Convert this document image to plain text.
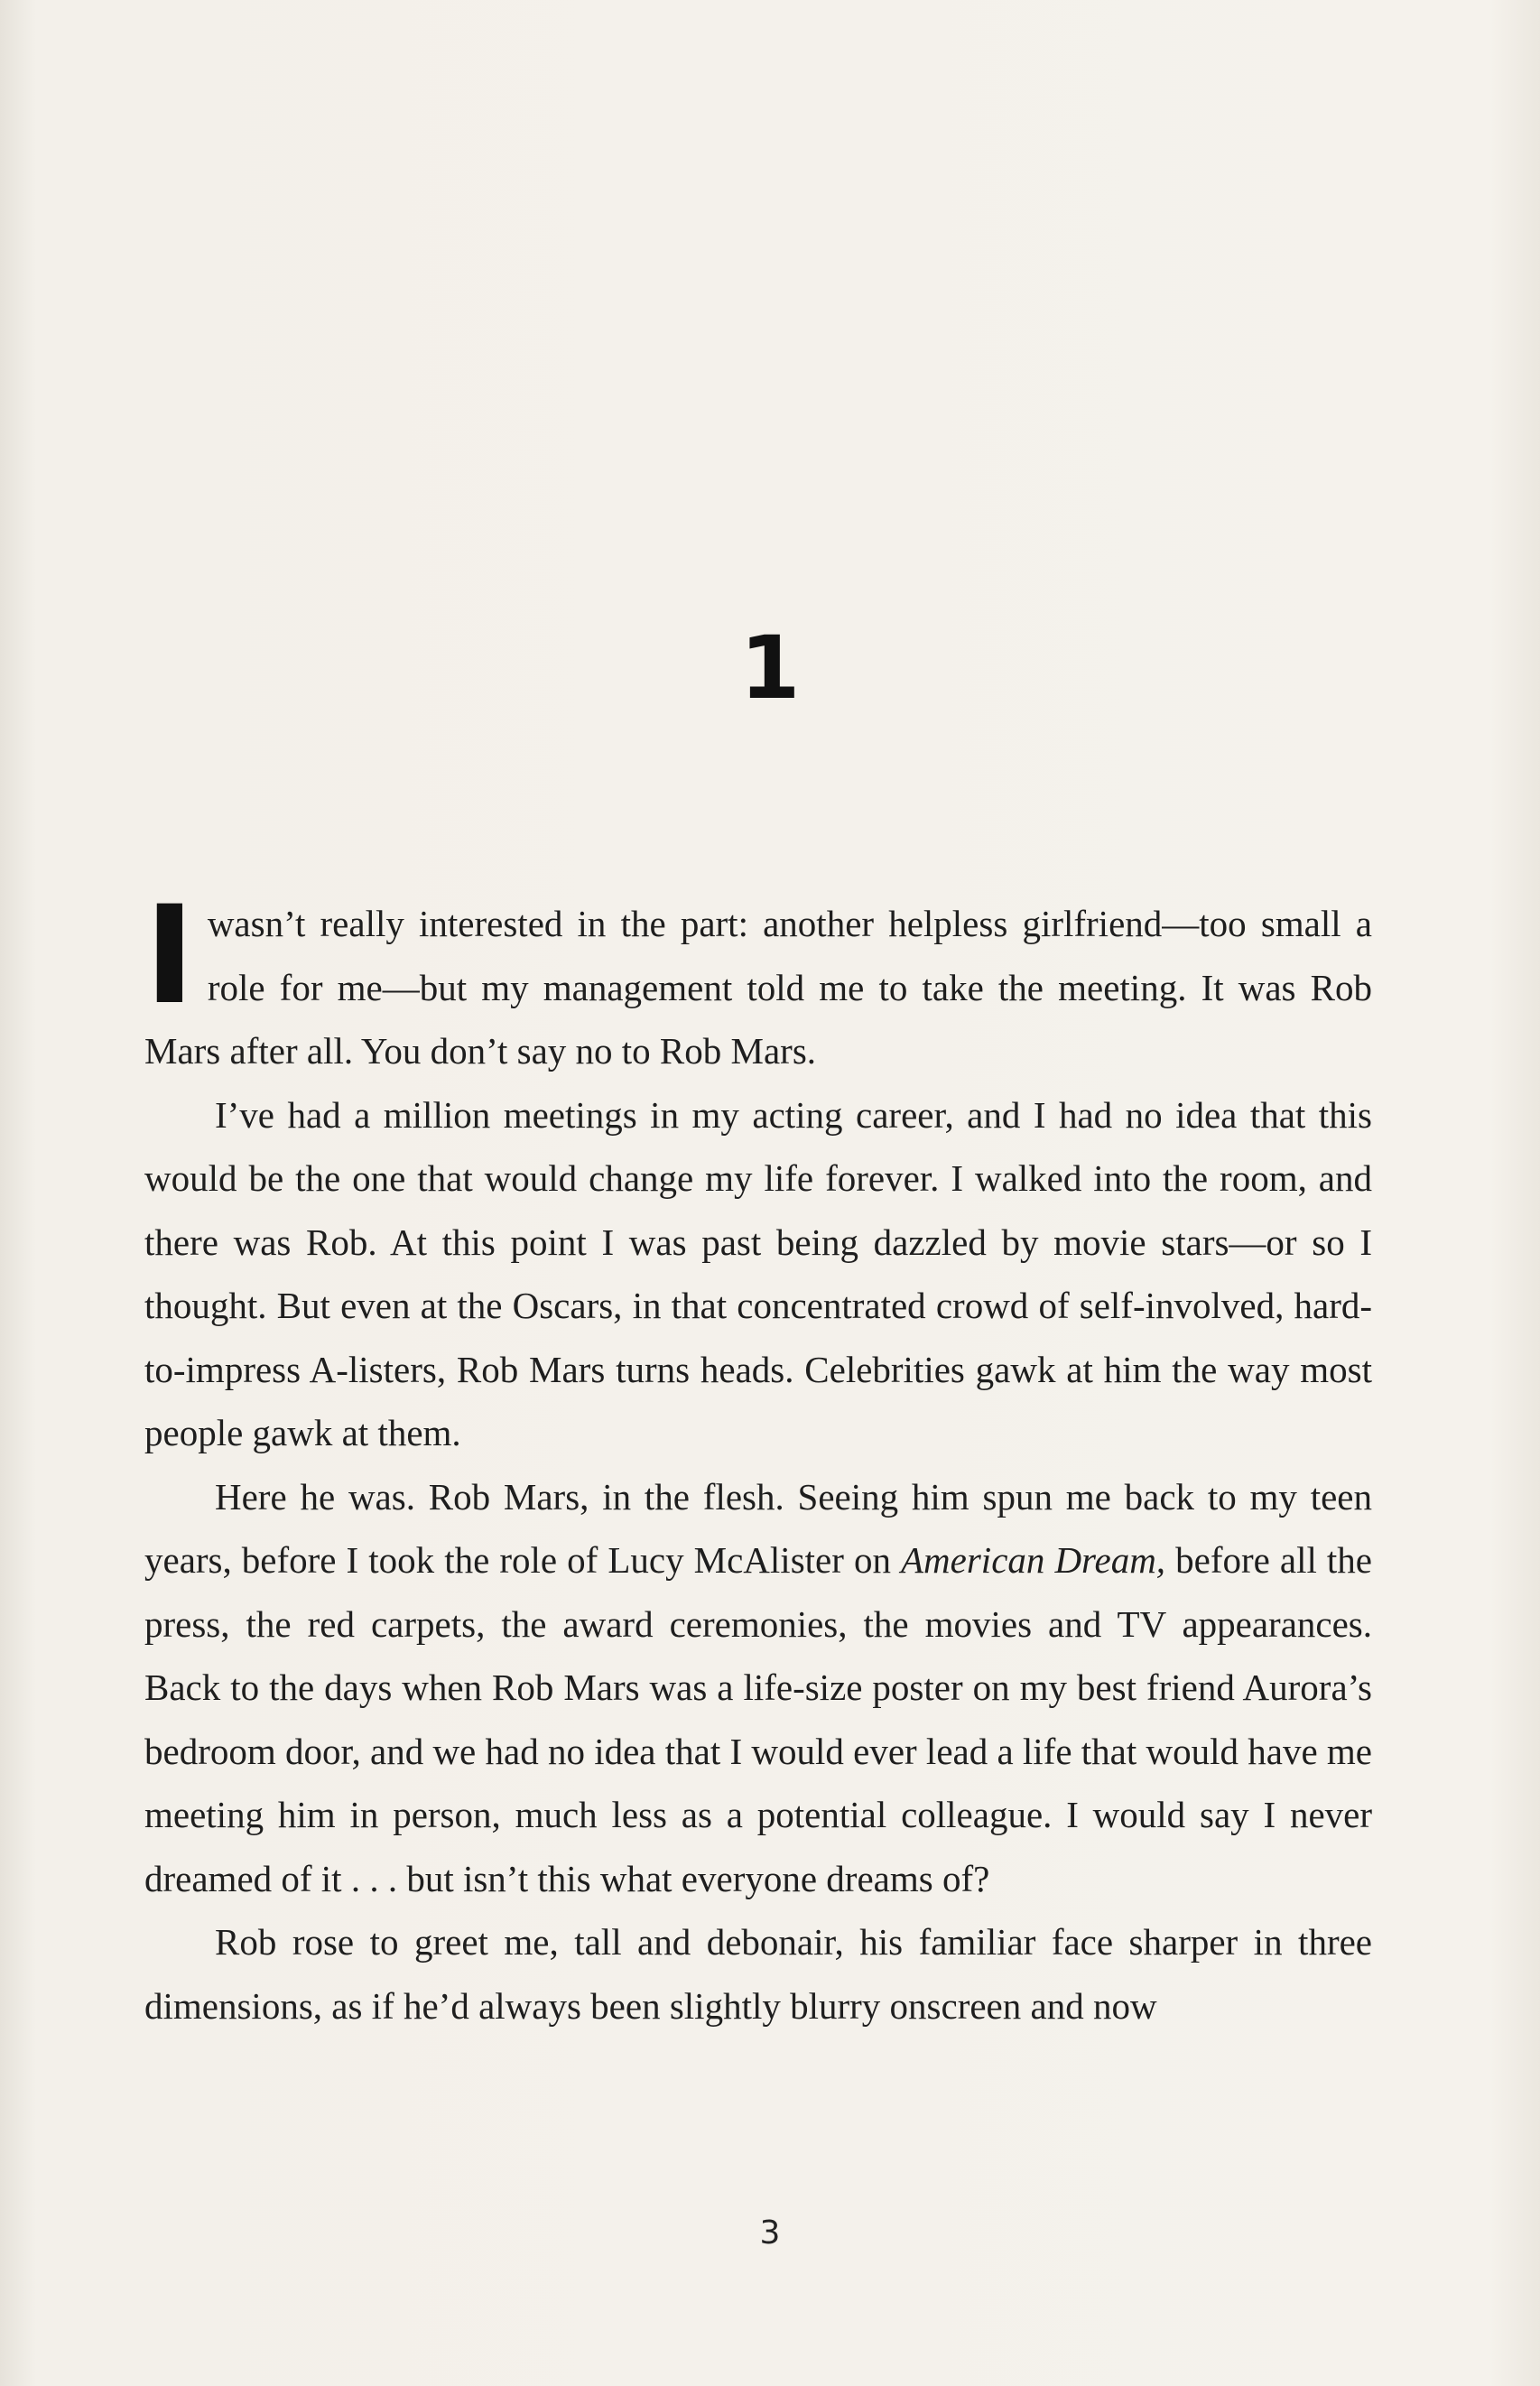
1

Iwasn’t really interested in the part: another helpless girlfriend—too small a role for me—but my management told me to take the meeting. It was Rob Mars after all. You don’t say no to Rob Mars.

I’ve had a million meetings in my acting career, and I had no idea that this would be the one that would change my life forever. I walked into the room, and there was Rob. At this point I was past being dazzled by movie stars—or so I thought. But even at the Oscars, in that concentrated crowd of self-involved, hard-to-impress A-listers, Rob Mars turns heads. Celebrities gawk at him the way most people gawk at them.

Here he was. Rob Mars, in the flesh. Seeing him spun me back to my teen years, before I took the role of Lucy McAlister on American Dream, before all the press, the red carpets, the award ceremonies, the movies and TV appearances. Back to the days when Rob Mars was a life-size poster on my best friend Aurora’s bedroom door, and we had no idea that I would ever lead a life that would have me meeting him in person, much less as a potential colleague. I would say I never dreamed of it . . . but isn’t this what everyone dreams of?

Rob rose to greet me, tall and debonair, his familiar face sharper in three dimensions, as if he’d always been slightly blurry onscreen and now

3
